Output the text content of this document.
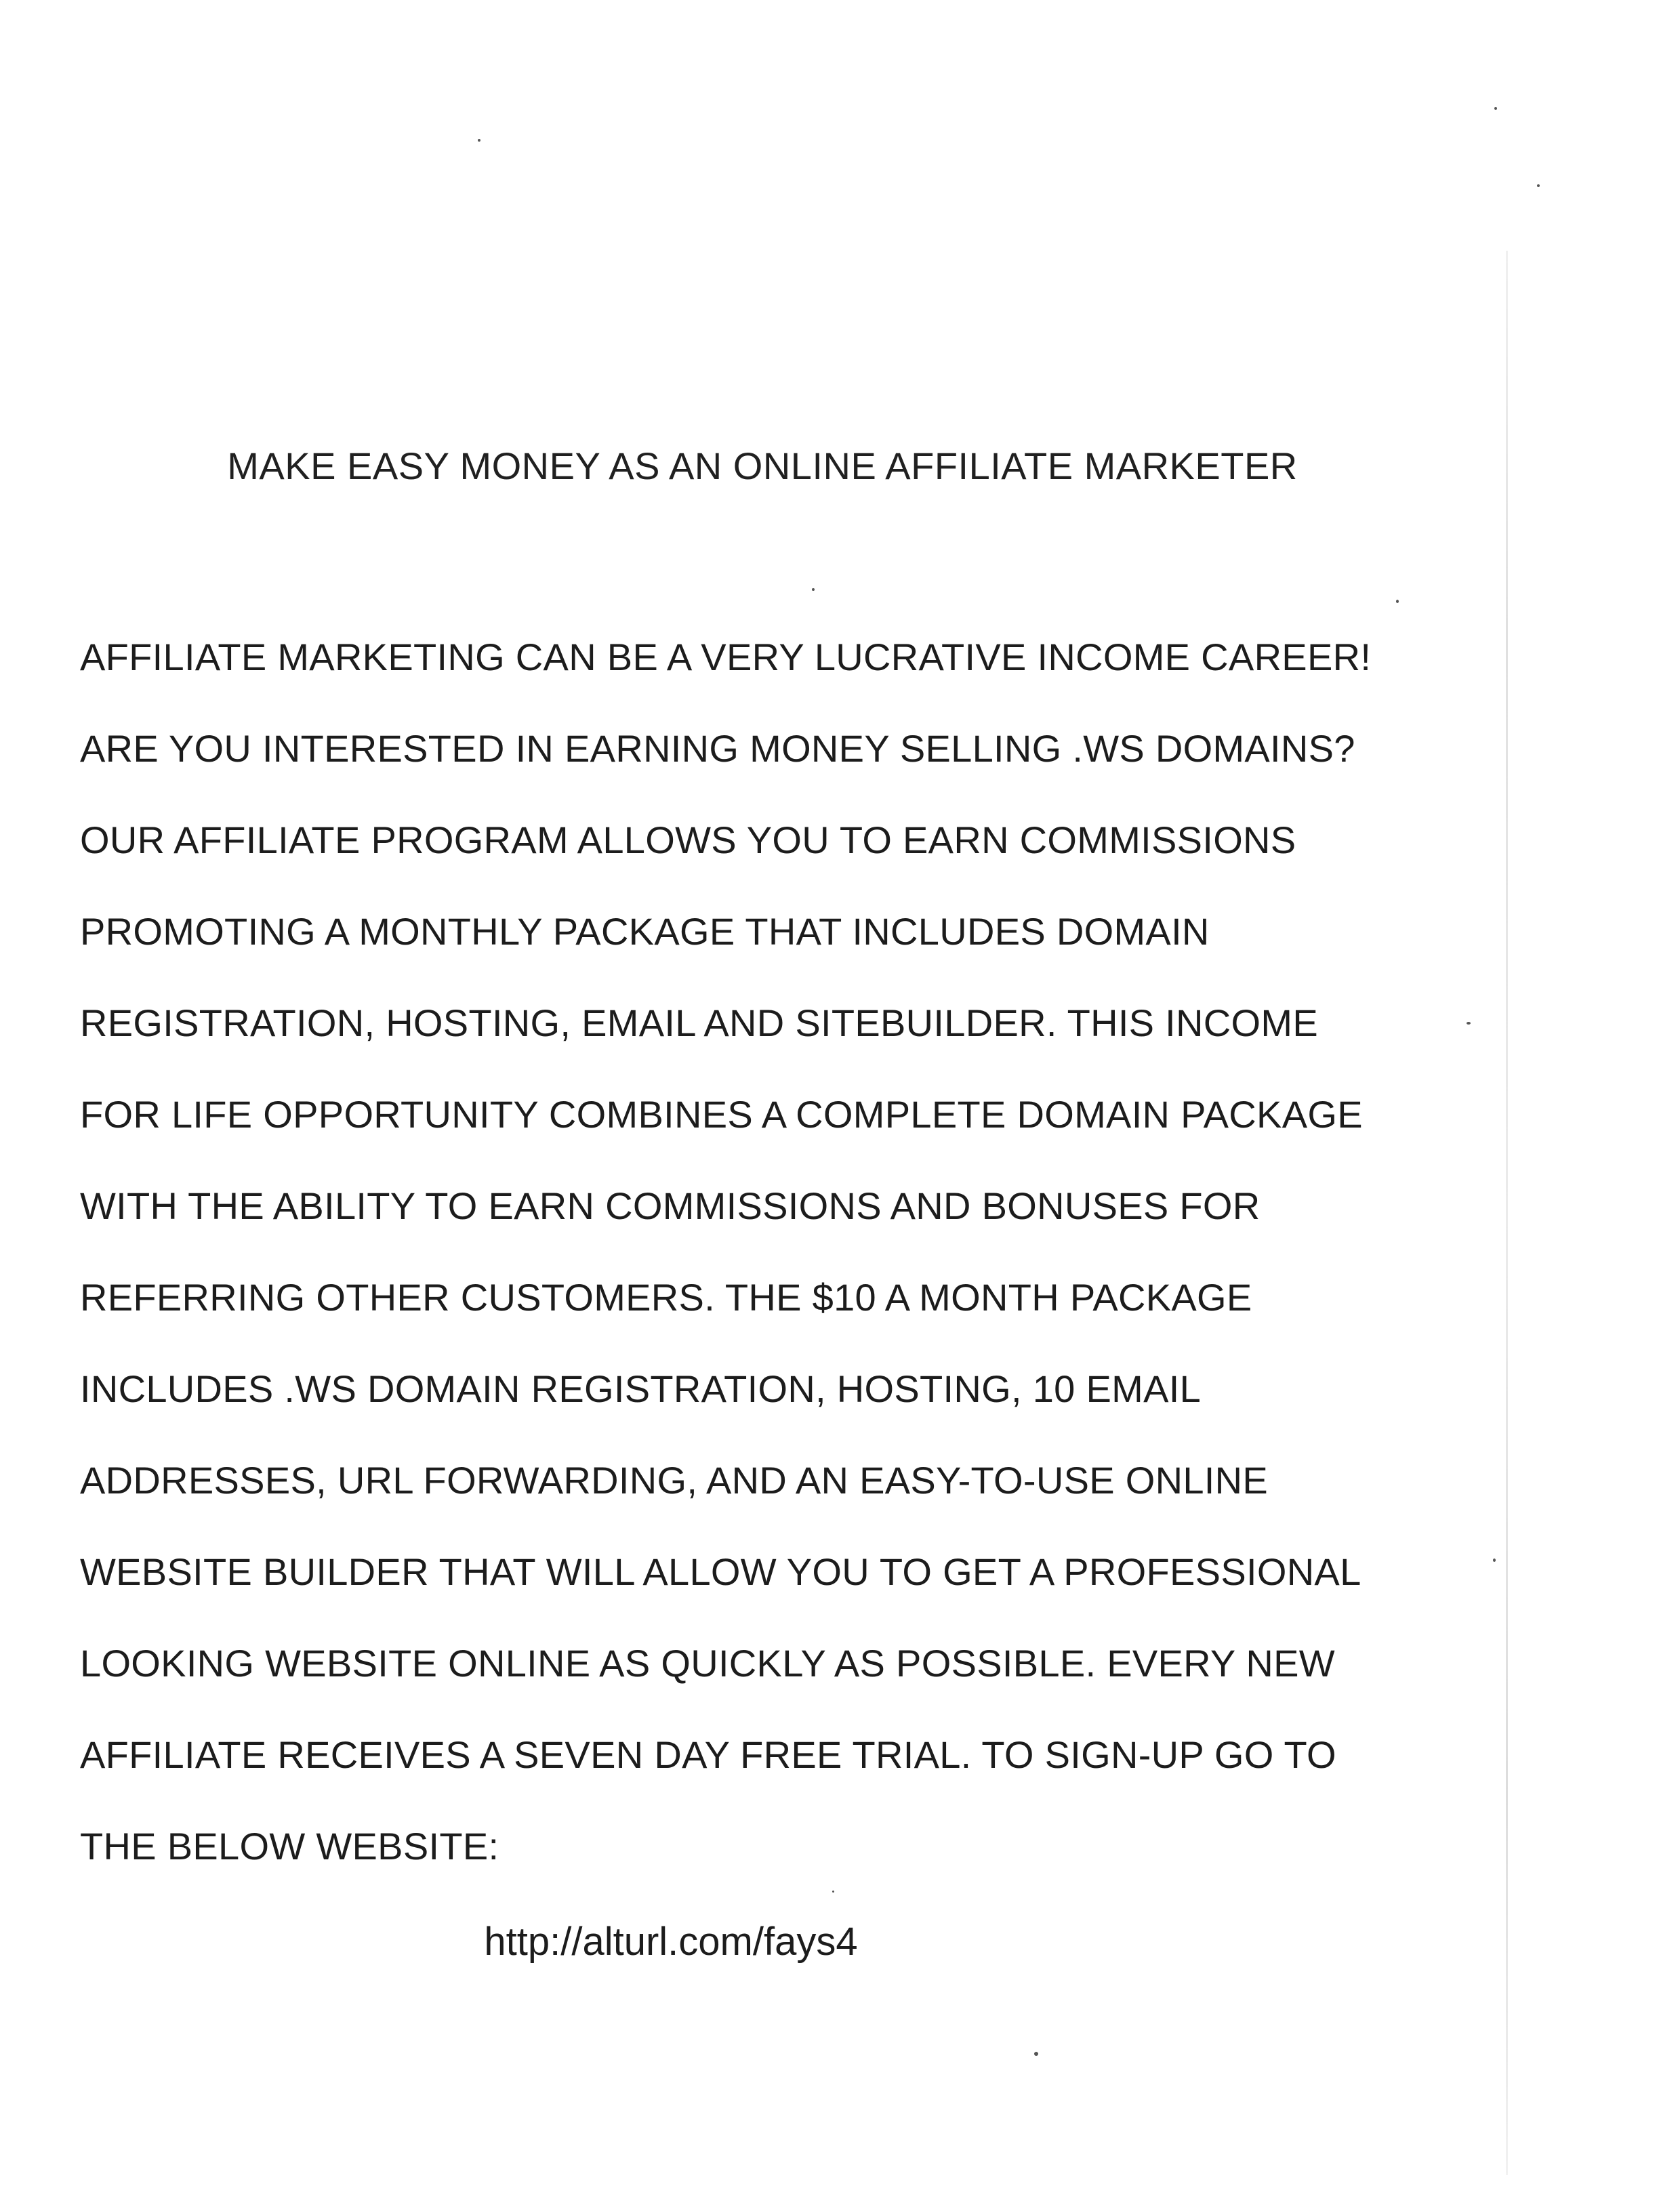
MAKE EASY MONEY AS AN ONLINE AFFILIATE MARKETER
AFFILIATE MARKETING CAN BE A VERY LUCRATIVE INCOME CAREER!
ARE YOU INTERESTED IN EARNING MONEY SELLING .WS DOMAINS?
OUR AFFILIATE PROGRAM ALLOWS YOU TO EARN COMMISSIONS
PROMOTING A MONTHLY PACKAGE THAT INCLUDES DOMAIN
REGISTRATION, HOSTING, EMAIL AND SITEBUILDER. THIS INCOME
FOR LIFE OPPORTUNITY COMBINES A COMPLETE DOMAIN PACKAGE
WITH THE ABILITY TO EARN COMMISSIONS AND BONUSES FOR
REFERRING OTHER CUSTOMERS. THE $10 A MONTH PACKAGE
INCLUDES .WS DOMAIN REGISTRATION, HOSTING, 10 EMAIL
ADDRESSES, URL FORWARDING, AND AN EASY-TO-USE ONLINE
WEBSITE BUILDER THAT WILL ALLOW YOU TO GET A PROFESSIONAL
LOOKING WEBSITE ONLINE AS QUICKLY AS POSSIBLE. EVERY NEW
AFFILIATE RECEIVES A SEVEN DAY FREE TRIAL. TO SIGN-UP GO TO
THE BELOW WEBSITE:
http://alturl.com/fays4
